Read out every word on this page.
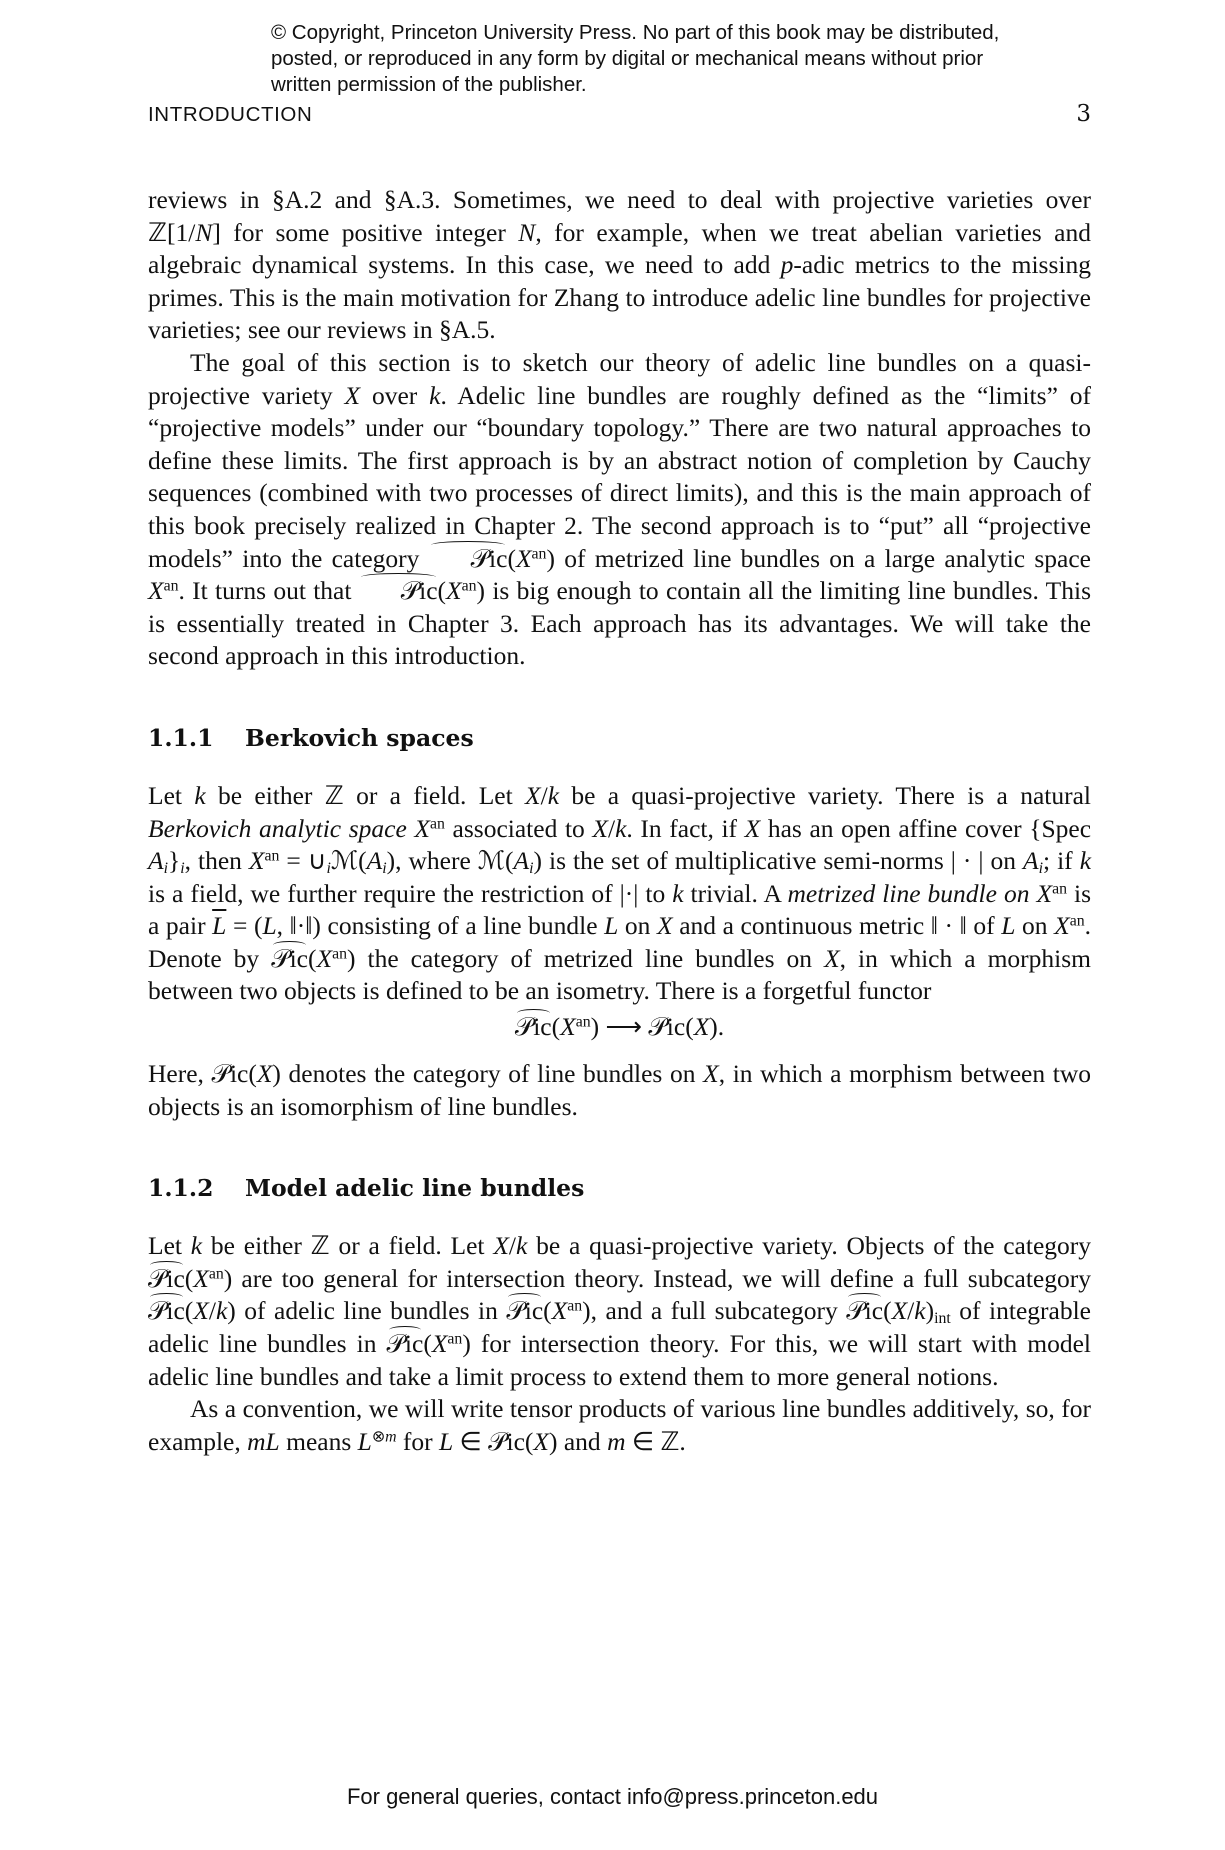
© Copyright, Princeton University Press. No part of this book may be distributed, posted, or reproduced in any form by digital or mechanical means without prior written permission of the publisher.
INTRODUCTION	3

reviews in §A.2 and §A.3. Sometimes, we need to deal with projective varieties over ℤ[1/N] for some positive integer N, for example, when we treat abelian varieties and algebraic dynamical systems. In this case, we need to add p-adic metrics to the missing primes. This is the main motivation for Zhang to introduce adelic line bundles for projective varieties; see our reviews in §A.5.

The goal of this section is to sketch our theory of adelic line bundles on a quasi-projective variety X over k. Adelic line bundles are roughly defined as the “limits” of “projective models” under our “boundary topology.” There are two natural approaches to define these limits. The first approach is by an abstract notion of completion by Cauchy sequences (combined with two processes of direct limits), and this is the main approach of this book precisely realized in Chapter 2. The second approach is to “put” all “projective models” into the category $𝒫ic(X^{an})$ of metrized line bundles on a large analytic space $X^{an}$. It turns out that $𝒫ic(X^{an})$ is big enough to contain all the limiting line bundles. This is essentially treated in Chapter 3. Each approach has its advantages. We will take the second approach in this introduction.

1.1.1 Berkovich spaces

Let k be either ℤ or a field. Let X/k be a quasi-projective variety. There is a natural Berkovich analytic space $X^{an}$ associated to X/k. In fact, if X has an open affine cover {Spec $A_i\}_i$, then $X^{an}$ = $\cup_iℳ(A_i)$, where $ℳ(A_i)$ is the set of multiplicative semi-norms | · | on $A_i$; if k is a field, we further require the restriction of |·| to k trivial. A metrized line bundle on $X^{an}$ is a pair $\overline{L} = (L$, ‖·‖) consisting of a line bundle L on X and a continuous metric ‖ · ‖ of L on $X^{an}$. Denote by $𝒫ic(X^{an})$ the category of metrized line bundles on X, in which a morphism between two objects is defined to be an isometry. There is a forgetful functor

$𝒫ic(X^{an})$ ⟶ 𝒫ic(X).

Here, 𝒫ic(X) denotes the category of line bundles on X, in which a morphism between two objects is an isomorphism of line bundles.

1.1.2 Model adelic line bundles

Let k be either ℤ or a field. Let X/k be a quasi-projective variety. Objects of the category $𝒫ic(X^{an})$ are too general for intersection theory. Instead, we will define a full subcategory 𝒫ic(X/k) of adelic line bundles in $𝒫ic(X^{an})$, and a full subcategory $𝒫ic(X/k)_{int}$ of integrable adelic line bundles in $𝒫ic(X^{an})$ for intersection theory. For this, we will start with model adelic line bundles and take a limit process to extend them to more general notions.

As a convention, we will write tensor products of various line bundles additively, so, for example, mL means $L^{\otimes m}$ for L ∈ 𝒫ic(X) and m ∈ ℤ.

For general queries, contact info@press.princeton.edu
